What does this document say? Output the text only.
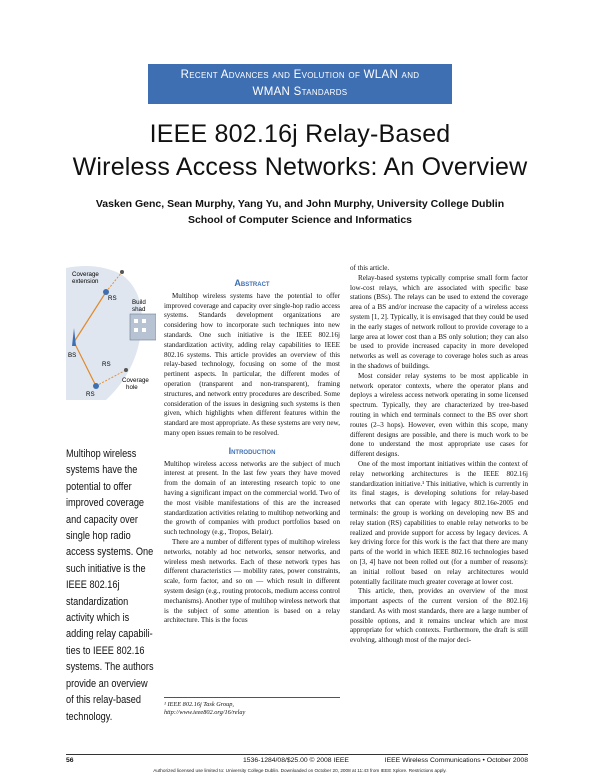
Recent Advances and Evolution of WLAN and
WMAN Standards
IEEE 802.16j Relay-Based
Wireless Access Networks: An Overview
Vasken Genc, Sean Murphy, Yang Yu, and John Murphy, University College Dublin
School of Computer Science and Informatics
Coverage
extension
RS
Build
shad
BS
Coverage
hole
RS
RS
Multihop wireless
systems have the
potential to offer
improved coverage
and capacity over
single hop radio
access systems. One
such initiative is the
IEEE 802.16j
standardization
activity which is
adding relay capabili-
ties to IEEE 802.16
systems. The authors
provide an overview
of this relay-based
technology.
Abstract

Multihop wireless systems have the potential to offer improved coverage and capacity over single-hop radio access systems. Standards development organizations are considering how to incorporate such techniques into new standards. One such initiative is the IEEE 802.16j standardization activity, adding relay capabilities to IEEE 802.16 systems. This article provides an overview of this relay-based technology, focusing on some of the most pertinent aspects. In particular, the different modes of operation (transparent and non-transparent), framing structures, and network entry procedures are described. Some consideration of the issues in designing such systems is then given, which highlights when different features within the standard are most appropriate. As these systems are very new, many open issues remain to be resolved.

Introduction

Multihop wireless access networks are the subject of much interest at present. In the last few years they have moved from the domain of an interesting research topic to one having a significant impact on the commercial world. Two of the most visible manifestations of this are the increased standardization activities relating to multihop networking and the growth of companies with product portfolios based on such technology (e.g., Tropos, Belair).

There are a number of different types of multihop wireless networks, notably ad hoc networks, sensor networks, and wireless mesh networks. Each of these network types has different characteristics — mobility rates, power constraints, scale, form factor, and so on — which result in different system design (e.g., routing protocols, medium access control mechanisms). Another type of multihop wireless network that is the subject of some attention is based on a relay architecture. This is the focus

¹ IEEE 802.16j Task Group,
http://www.ieee802.org/16/relay

of this article.

Relay-based systems typically comprise small form factor low-cost relays, which are associated with specific base stations (BSs). The relays can be used to extend the coverage area of a BS and/or increase the capacity of a wireless access system [1, 2]. Typically, it is envisaged that they could be used in the early stages of network rollout to provide coverage to a large area at lower cost than a BS only solution; they can also be used to provide increased capacity in more developed networks as well as coverage to coverage holes such as areas in the shadows of buildings.

Most consider relay systems to be most applicable in network operator contexts, where the operator plans and deploys a wireless access network operating in some licensed spectrum. Typically, they are characterized by tree-based routing in which end terminals connect to the BS over short routes (2–3 hops). However, even within this scope, many different designs are possible, and there is much work to be done to understand the most appropriate use cases for different designs.

One of the most important initiatives within the context of relay networking architectures is the IEEE 802.16j standardization initiative.¹ This initiative, which is currently in its final stages, is developing solutions for relay-based networks that can operate with legacy 802.16e-2005 end terminals: the group is working on developing new BS and relay station (RS) capabilities to enable relay networks to be realized and provide support for access by legacy devices. A key driving force for this work is the fact that there are many parts of the world in which IEEE 802.16 technologies based on [3, 4] have not been rolled out (for a number of reasons): an initial rollout based on relay architectures would potentially facilitate much greater coverage at lower cost.

This article, then, provides an overview of the most important aspects of the current version of the 802.16j standard. As with most standards, there are a large number of possible options, and it remains unclear which are most appropriate for which contexts. Furthermore, the draft is still evolving, although most of the major deci-

56	1536-1284/08/$25.00 © 2008 IEEE	IEEE Wireless Communications • October 2008
Authorized licensed use limited to: University College Dublin. Downloaded on October 20, 2008 at 11:43 from IEEE Xplore. Restrictions apply.
